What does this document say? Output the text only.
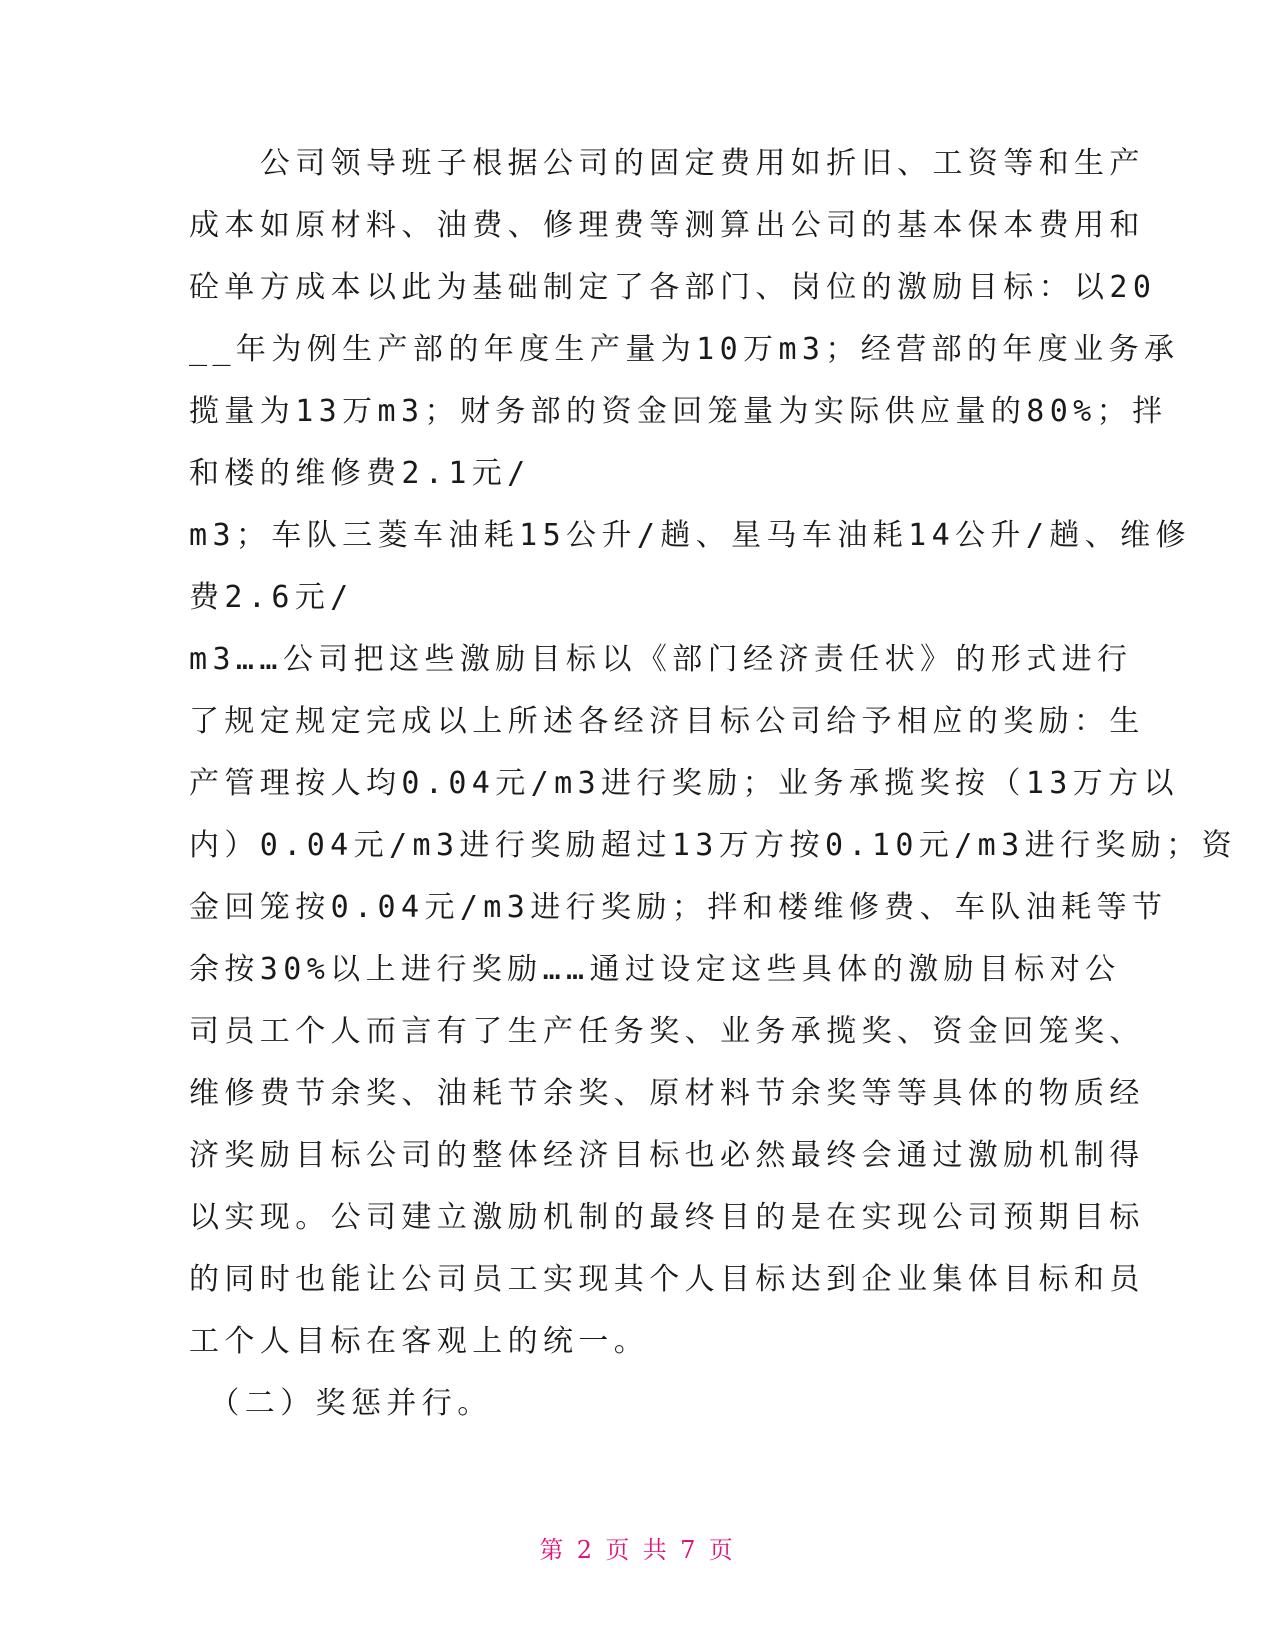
　　公司领导班子根据公司的固定费用如折旧、工资等和生产
成本如原材料、油费、修理费等测算出公司的基本保本费用和
砼单方成本以此为基础制定了各部门、岗位的激励目标：以20
__年为例生产部的年度生产量为10万m3；经营部的年度业务承
揽量为13万m3；财务部的资金回笼量为实际供应量的80%；拌
和楼的维修费2.1元/
m3；车队三菱车油耗15公升/趟、星马车油耗14公升/趟、维修
费2.6元/
m3……公司把这些激励目标以《部门经济责任状》的形式进行
了规定规定完成以上所述各经济目标公司给予相应的奖励：生
产管理按人均0.04元/m3进行奖励；业务承揽奖按（13万方以
内）0.04元/m3进行奖励超过13万方按0.10元/m3进行奖励；资
金回笼按0.04元/m3进行奖励；拌和楼维修费、车队油耗等节
余按30%以上进行奖励……通过设定这些具体的激励目标对公
司员工个人而言有了生产任务奖、业务承揽奖、资金回笼奖、
维修费节余奖、油耗节余奖、原材料节余奖等等具体的物质经
济奖励目标公司的整体经济目标也必然最终会通过激励机制得
以实现。公司建立激励机制的最终目的是在实现公司预期目标
的同时也能让公司员工实现其个人目标达到企业集体目标和员
工个人目标在客观上的统一。
　（二）奖惩并行。
第 2 页 共 7 页
